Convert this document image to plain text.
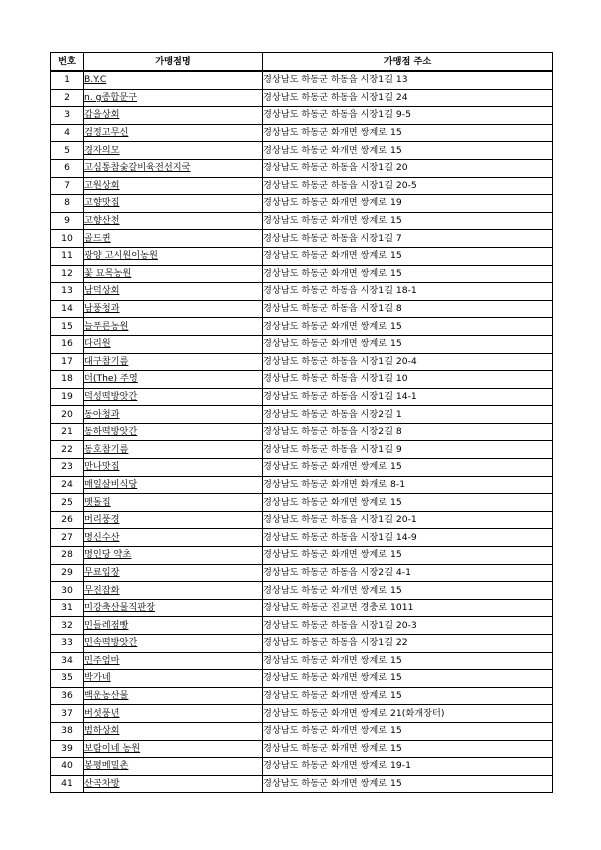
번호	가맹점명	가맹점 주소
1	B.Y.C	경상남도 하동군 하동읍 시장1길 13
2	n. g종합문구	경상남도 하동군 하동읍 시장1길 24
3	갑을상회	경상남도 하동군 하동읍 시장1길 9-5
4	검정고무신	경상남도 하동군 화개면 쌍계로 15
5	경자의모	경상남도 하동군 화개면 쌍계로 15
6	고심통참숯갈비육전선지국	경상남도 하동군 하동읍 시장1길 20
7	고원상회	경상남도 하동군 하동읍 시장1길 20-5
8	고향맛집	경상남도 하동군 화개면 쌍계로 19
9	고향산천	경상남도 하동군 화개면 쌍계로 15
10	골드퀸	경상남도 하동군 하동읍 시장1길 7
11	광양 고시원이농원	경상남도 하동군 화개면 쌍계로 15
12	꽃 묘목농원	경상남도 하동군 화개면 쌍계로 15
13	남덕상회	경상남도 하동군 하동읍 시장1길 18-1
14	남풍청과	경상남도 하동군 하동읍 시장1길 8
15	늘푸른농원	경상남도 하동군 화개면 쌍계로 15
16	다리원	경상남도 하동군 화개면 쌍계로 15
17	대구참기름	경상남도 하동군 하동읍 시장1길 20-4
18	더(The) 주영	경상남도 하동군 하동읍 시장1길 10
19	덕성떡방앗간	경상남도 하동군 하동읍 시장1길 14-1
20	동아청과	경상남도 하동군 하동읍 시장2길 1
21	동하떡방앗간	경상남도 하동군 하동읍 시장2길 8
22	동호참기름	경상남도 하동군 하동읍 시장1길 9
23	만나맛집	경상남도 하동군 화개면 쌍계로 15
24	매일살비식당	경상남도 하동군 화개면 화개로 8-1
25	맷돌집	경상남도 하동군 화개면 쌍계로 15
26	머리풍경	경상남도 하동군 하동읍 시장1길 20-1
27	명신수산	경상남도 하동군 하동읍 시장1길 14-9
28	명인당 약초	경상남도 하동군 화개면 쌍계로 15
29	무료입장	경상남도 하동군 하동읍 시장2길 4-1
30	무진잡화	경상남도 하동군 화개면 쌍계로 15
31	미강축산물직판장	경상남도 하동군 진교면 경충로 1011
32	민들레점빵	경상남도 하동군 하동읍 시장1길 20-3
33	민속떡방앗간	경상남도 하동군 하동읍 시장1길 22
34	민주엄마	경상남도 하동군 화개면 쌍계로 15
35	박가네	경상남도 하동군 화개면 쌍계로 15
36	백운농산물	경상남도 하동군 화개면 쌍계로 15
37	버섯풍년	경상남도 하동군 화개면 쌍계로 21(화개장터)
38	범하상회	경상남도 하동군 화개면 쌍계로 15
39	보람이네 농원	경상남도 하동군 화개면 쌍계로 15
40	봉평메밀촌	경상남도 하동군 화개면 쌍계로 19-1
41	산곡차방	경상남도 하동군 화개면 쌍계로 15
